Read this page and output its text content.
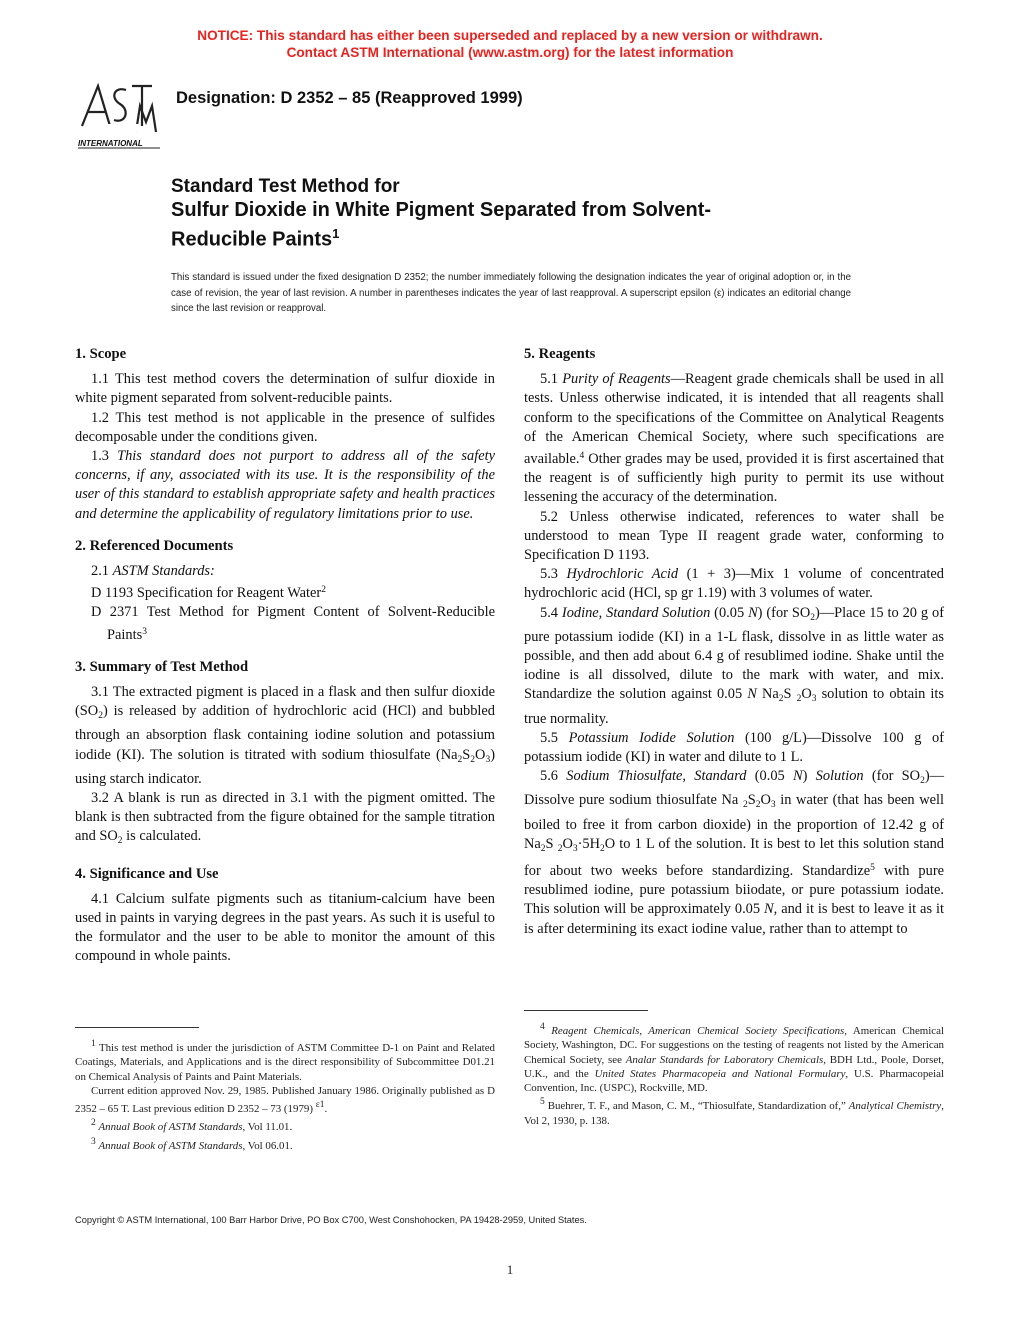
NOTICE: This standard has either been superseded and replaced by a new version or withdrawn.
Contact ASTM International (www.astm.org) for the latest information
INTERNATIONAL
Designation: D 2352 – 85 (Reapproved 1999)
Standard Test Method for
Sulfur Dioxide in White Pigment Separated from Solvent-
Reducible Paints$^1$
This standard is issued under the fixed designation D 2352; the number immediately following the designation indicates the year of original adoption or, in the case of revision, the year of last revision. A number in parentheses indicates the year of last reapproval. A superscript epsilon (ε) indicates an editorial change since the last revision or reapproval.
1. Scope

1.1 This test method covers the determination of sulfur dioxide in white pigment separated from solvent-reducible paints.

1.2 This test method is not applicable in the presence of sulfides decomposable under the conditions given.

1.3 This standard does not purport to address all of the safety concerns, if any, associated with its use. It is the responsibility of the user of this standard to establish appropriate safety and health practices and determine the applicability of regulatory limitations prior to use.

2. Referenced Documents

2.1 ASTM Standards:

D 1193 Specification for Reagent Water$^2$

D 2371 Test Method for Pigment Content of Solvent-Reducible Paints$^3$

3. Summary of Test Method

3.1 The extracted pigment is placed in a flask and then sulfur dioxide $(SO_2)$ is released by addition of hydrochloric acid (HCl) and bubbled through an absorption flask containing iodine solution and potassium iodide (KI). The solution is titrated with sodium thiosulfate $(Na_2S_2O_3)$ using starch indicator.

3.2 A blank is run as directed in 3.1 with the pigment omitted. The blank is then subtracted from the figure obtained for the sample titration and $SO_2$ is calculated.

4. Significance and Use

4.1 Calcium sulfate pigments such as titanium-calcium have been used in paints in varying degrees in the past years. As such it is useful to the formulator and the user to be able to monitor the amount of this compound in whole paints.

5. Reagents

5.1 Purity of Reagents—Reagent grade chemicals shall be used in all tests. Unless otherwise indicated, it is intended that all reagents shall conform to the specifications of the Committee on Analytical Reagents of the American Chemical Society, where such specifications are available.$^4$ Other grades may be used, provided it is first ascertained that the reagent is of sufficiently high purity to permit its use without lessening the accuracy of the determination.

5.2 Unless otherwise indicated, references to water shall be understood to mean Type II reagent grade water, conforming to Specification D 1193.

5.3 Hydrochloric Acid (1 + 3)—Mix 1 volume of concentrated hydrochloric acid (HCl, sp gr 1.19) with 3 volumes of water.

5.4 Iodine, Standard Solution (0.05 N) (for $SO_2)—Place$ 15 to 20 g of pure potassium iodide (KI) in a 1-L flask, dissolve in as little water as possible, and then add about 6.4 g of resublimed iodine. Shake until the iodine is all dissolved, dilute to the mark with water, and mix. Standardize the solution against 0.05 N $Na_2S$ $_2O_3$ solution to obtain its true normality.

5.5 Potassium Iodide Solution (100 g/L)—Dissolve 100 g of potassium iodide (KI) in water and dilute to 1 L.

5.6 Sodium Thiosulfate, Standard (0.05 N) Solution (for $SO_2)—Dissolve$ pure sodium thiosulfate Na $_2S_2O_3$ in water (that has been well boiled to free it from carbon dioxide) in the proportion of 12.42 g of $Na_2S$ $_2O_3\cdot 5H_2O$ to 1 L of the solution. It is best to let this solution stand for about two weeks before standardizing. Standardize$^5$ with pure resublimed iodine, pure potassium biiodate, or pure potassium iodate. This solution will be approximately 0.05 N, and it is best to leave it as it is after determining its exact iodine value, rather than to attempt to

1 This test method is under the jurisdiction of ASTM Committee D-1 on Paint and Related Coatings, Materials, and Applications and is the direct responsibility of Subcommittee D01.21 on Chemical Analysis of Paints and Paint Materials.

Current edition approved Nov. 29, 1985. Published January 1986. Originally published as D 2352 – 65 T. Last previous edition D 2352 – 73 (1979) ε1.

2 Annual Book of ASTM Standards, Vol 11.01.

3 Annual Book of ASTM Standards, Vol 06.01.

4 Reagent Chemicals, American Chemical Society Specifications, American Chemical Society, Washington, DC. For suggestions on the testing of reagents not listed by the American Chemical Society, see Analar Standards for Laboratory Chemicals, BDH Ltd., Poole, Dorset, U.K., and the United States Pharmacopeia and National Formulary, U.S. Pharmacopeial Convention, Inc. (USPC), Rockville, MD.

5 Buehrer, T. F., and Mason, C. M., “Thiosulfate, Standardization of,” Analytical Chemistry, Vol 2, 1930, p. 138.

Copyright © ASTM International, 100 Barr Harbor Drive, PO Box C700, West Conshohocken, PA 19428-2959, United States.
1
